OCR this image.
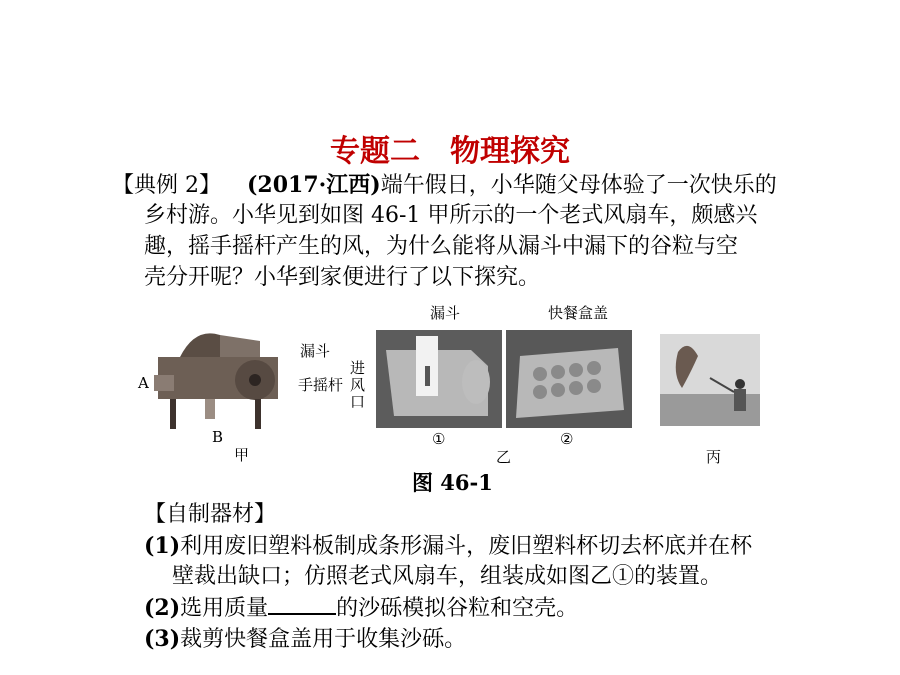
专题二　物理探究
【典例 2】 (2017·江西)端午假日，小华随父母体验了一次快乐的
乡村游。小华见到如图 46-1 甲所示的一个老式风扇车，颇感兴
趣，摇手摇杆产生的风，为什么能将从漏斗中漏下的谷粒与空
壳分开呢？小华到家便进行了以下探究。
漏斗
手摇杆
A
B
甲
漏斗	快餐盒盖
进
风
口
①	②
乙	丙
图 46-1
【自制器材】
(1)利用废旧塑料板制成条形漏斗，废旧塑料杯切去杯底并在杯
壁裁出缺口；仿照老式风扇车，组装成如图乙①的装置。
(2)选用质量	的沙砾模拟谷粒和空壳。
(3)裁剪快餐盒盖用于收集沙砾。
